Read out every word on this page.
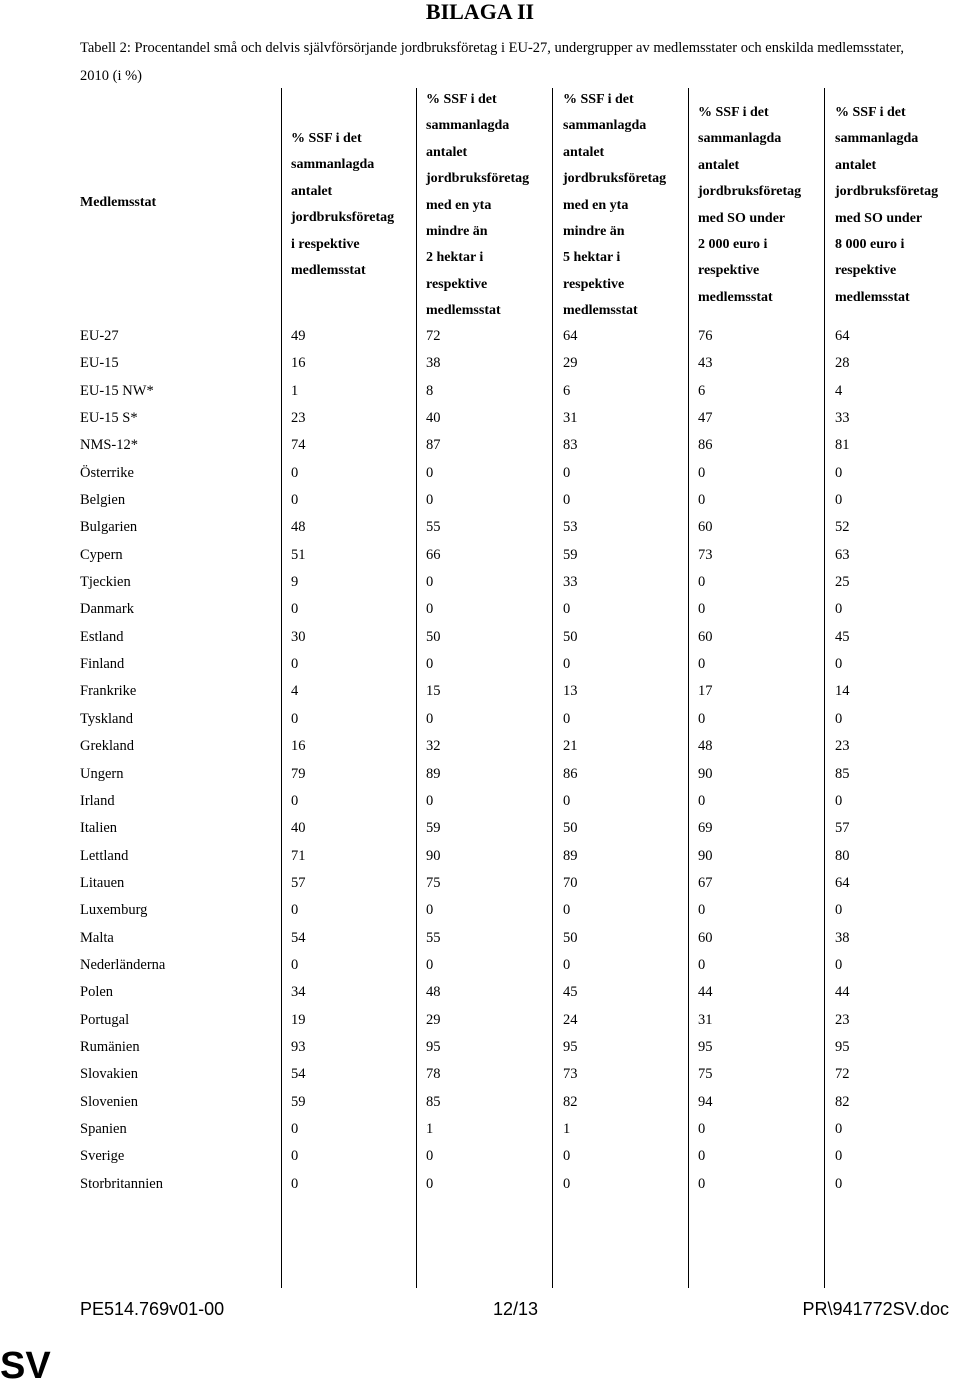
BILAGA II
Tabell 2: Procentandel små och delvis självförsörjande jordbruksföretag i EU-27, undergrupper av medlemsstater och enskilda medlemsstater, 2010 (i %)
Medlemsstat
% SSF i det
sammanlagda
antalet
jordbruksföretag
i respektive
medlemsstat
% SSF i det
sammanlagda
antalet
jordbruksföretag
med en yta
mindre än
2 hektar i
respektive
medlemsstat
% SSF i det
sammanlagda
antalet
jordbruksföretag
med en yta
mindre än
5 hektar i
respektive
medlemsstat
% SSF i det
sammanlagda
antalet
jordbruksföretag
med SO under
2 000 euro i
respektive
medlemsstat
% SSF i det
sammanlagda
antalet
jordbruksföretag
med SO under
8 000 euro i
respektive
medlemsstat
EU-27	49	72	64	76	64
EU-15	16	38	29	43	28
EU-15 NW*	1	8	6	6	4
EU-15 S*	23	40	31	47	33
NMS-12*	74	87	83	86	81
Österrike	0	0	0	0	0
Belgien	0	0	0	0	0
Bulgarien	48	55	53	60	52
Cypern	51	66	59	73	63
Tjeckien	9	0	33	0	25
Danmark	0	0	0	0	0
Estland	30	50	50	60	45
Finland	0	0	0	0	0
Frankrike	4	15	13	17	14
Tyskland	0	0	0	0	0
Grekland	16	32	21	48	23
Ungern	79	89	86	90	85
Irland	0	0	0	0	0
Italien	40	59	50	69	57
Lettland	71	90	89	90	80
Litauen	57	75	70	67	64
Luxemburg	0	0	0	0	0
Malta	54	55	50	60	38
Nederländerna	0	0	0	0	0
Polen	34	48	45	44	44
Portugal	19	29	24	31	23
Rumänien	93	95	95	95	95
Slovakien	54	78	73	75	72
Slovenien	59	85	82	94	82
Spanien	0	1	1	0	0
Sverige	0	0	0	0	0
Storbritannien	0	0	0	0	0
PE514.769v01-00	12/13	PR\941772SV.doc
SV
